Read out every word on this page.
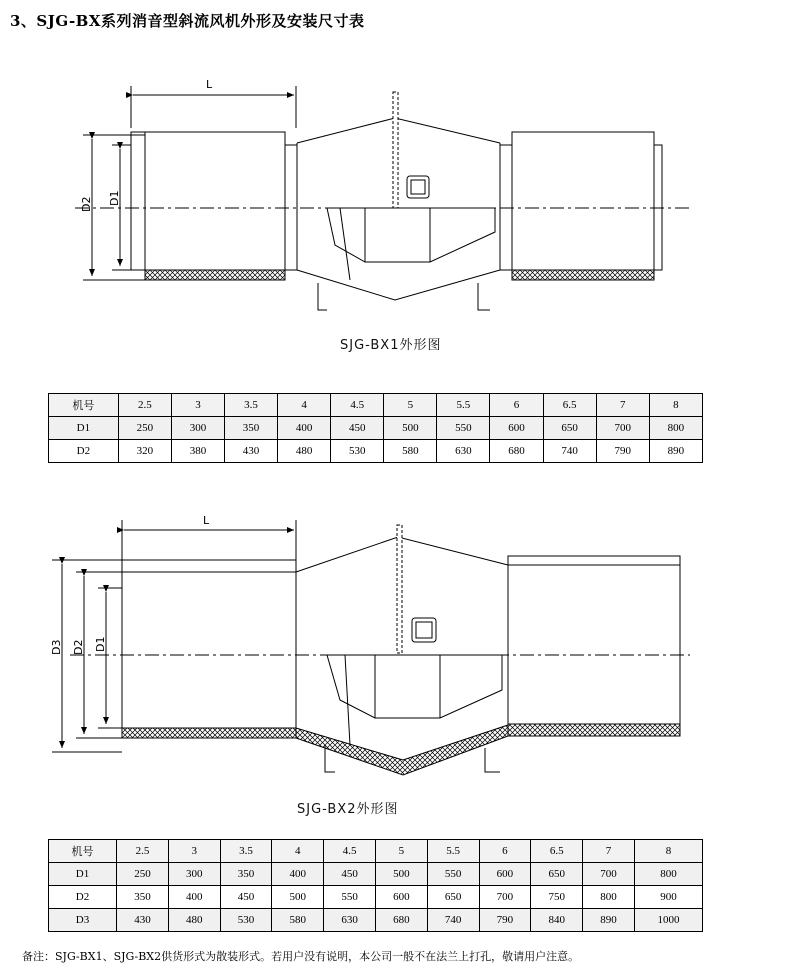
3、SJG-BX系列消音型斜流风机外形及安装尺寸表
L
D2 D1
SJG-BX1外形图
机号	2.5	3	3.5	4	4.5	5	5.5	6	6.5	7	8
D1	250	300	350	400	450	500	550	600	650	700	800
D2	320	380	430	480	530	580	630	680	740	790	890
L
D3 D2 D1
SJG-BX2外形图
机号	2.5	3	3.5	4	4.5	5	5.5	6	6.5	7	8
D1	250	300	350	400	450	500	550	600	650	700	800
D2	350	400	450	500	550	600	650	700	750	800	900
D3	430	480	530	580	630	680	740	790	840	890	1000
备注：SJG-BX1、SJG-BX2供货形式为散装形式。若用户没有说明，本公司一般不在法兰上打孔，敬请用户注意。
